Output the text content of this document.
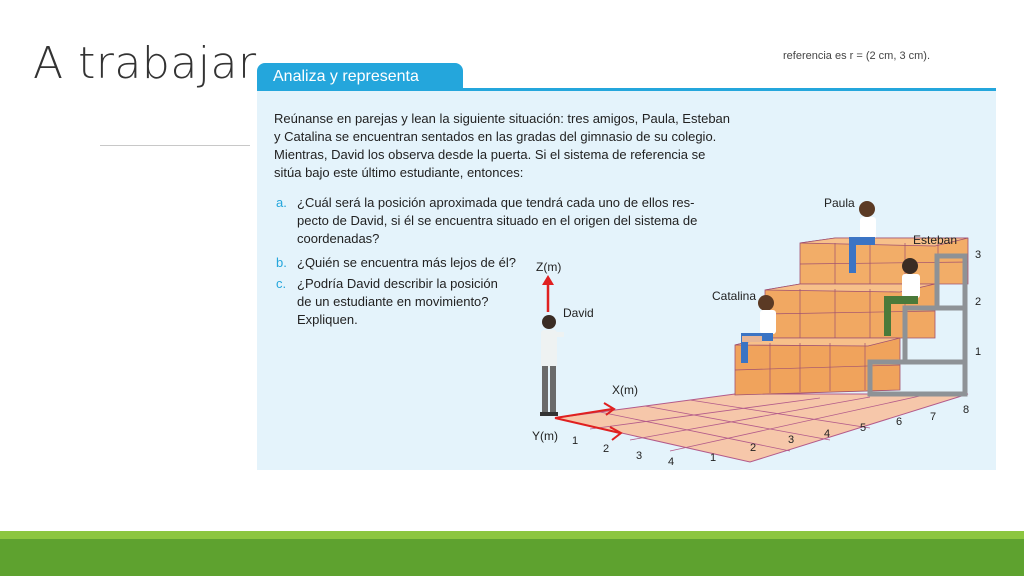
A trabajar	referencia es r = (2 cm, 3 cm).
Analiza y representa
Reúnanse en parejas y lean la siguiente situación: tres amigos, Paula, Esteban
y Catalina se encuentran sentados en las gradas del gimnasio de su colegio.
Mientras, David los observa desde la puerta. Si el sistema de referencia se
sitúa bajo este último estudiante, entonces:
a. ¿Cuál será la posición aproximada que tendrá cada uno de ellos res-
pecto de David, si él se encuentra situado en el origen del sistema de
coordenadas?
b. ¿Quién se encuentra más lejos de él?
c. ¿Podría David describir la posición
de un estudiante en movimiento?
Expliquen.
Z(m)
X(m)
Y(m)
David
Catalina
Paula
Esteban
1
2
3 4	1
2
3	4	5	6	7
8
1
2
3
